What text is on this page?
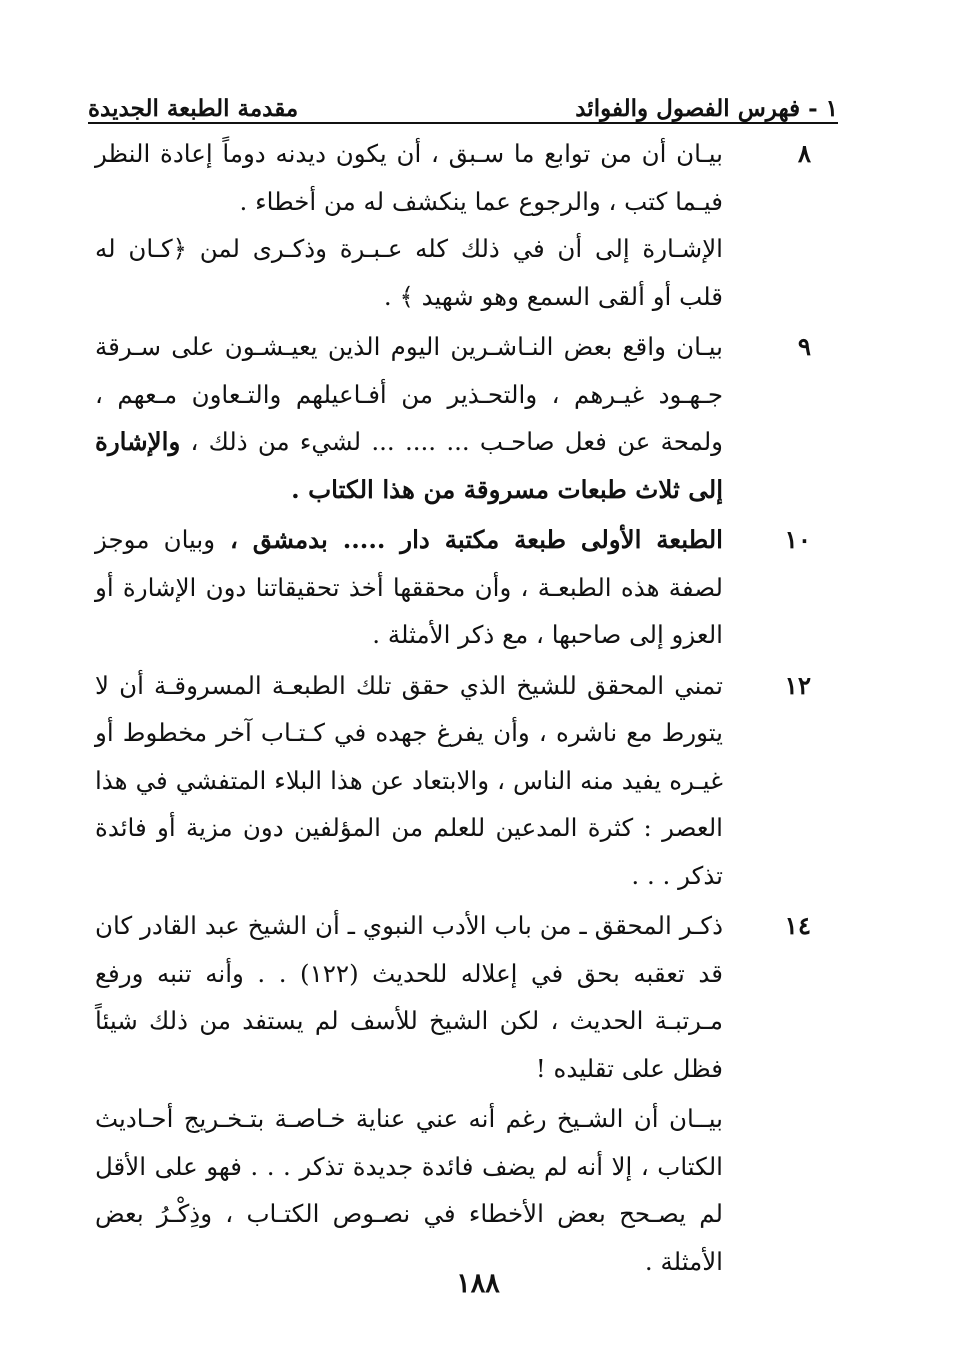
١ - فهرس الفصول والفوائد
مقدمة الطبعة الجديدة
٨

بيـان أن من توابع ما سـبق ، أن يكون ديدنه دوماً إعادة النظر فيـما كتب ، والرجوع عما ينكشف له من أخطاء .

الإشـارة إلى أن في ذلك كله عـبـرة وذكـرى لمن ﴿كـان له قلب أو ألقى السمع وهو شهيد ﴾ .

٩

بيـان واقع بعض النـاشـرين اليوم الذين يعيـشـون على سـرقة جـهـود غيـرهم ، والتحـذير من أفـاعيلهم والتـعاون مـعهم ، ولمحة عن فعل صاحـب ... .... ... لشيء من ذلك ، والإشارة إلى ثلاث طبعات مسروقة من هذا الكتاب .

١٠

الطبعة الأولى طبعة مكتبة دار ..... بدمشق ، وبيان موجز لصفة هذه الطبعـة ، وأن محققها أخذ تحقيقاتنا دون الإشارة أو العزو إلى صاحبها ، مع ذكر الأمثلة .

١٢

تمني المحقق للشيخ الذي حقق تلك الطبعـة المسروقـة أن لا يتورط مع ناشره ، وأن يفرغ جهده في كـتـاب آخر مخطوط أو غيـره يفيد منه الناس ، والابتعاد عن هذا البلاء المتفشي في هذا العصر : كثرة المدعين للعلم من المؤلفين دون مزية أو فائدة تذكر . . .

١٤

ذكـر المحقق ـ من باب الأدب النبوي ـ أن الشيخ عبد القادر كان قد تعقبه بحق في إعلاله للحديث (١٢٢) . . وأنه تنبه ورفع مـرتبـة الحديث ، لكن الشيخ للأسف لم يستفد من ذلك شيئاً فظل على تقليده !

بيــان أن الشـيخ رغم أنه عني عناية خـاصـة بتـخـريج أحـاديث الكتاب ، إلا أنه لم يضف فائدة جديدة تذكر . . . فهو على الأقل لم يصـحح بعض الأخطاء في نصـوص الكتـاب ، وذِكْـرُ بعض الأمثلة .

١٨٨
